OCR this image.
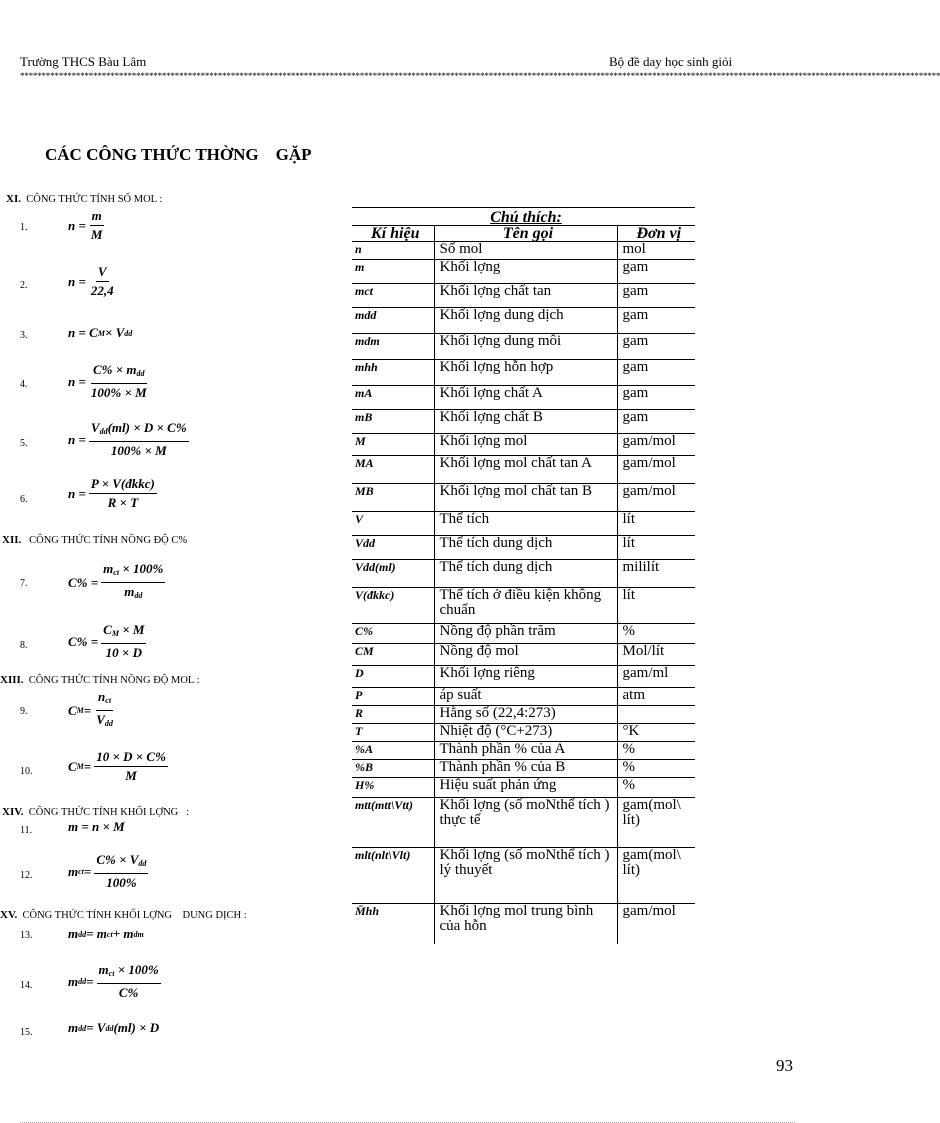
Trường THCS Bàu Lâm	Bộ đề day học sinh giỏi
**********************************************************************************************************************************************************************************************************************
CÁC CÔNG THỨC THỜNG    GẶP
XI. CÔNG THỨC TÍNH SỐ MOL :
XII. CÔNG THỨC TÍNH NỒNG ĐỘ C%
XIII. CÔNG THỨC TÍNH NỒNG ĐỘ MOL :
XIV. CÔNG THỨC TÍNH KHỐI LỢNG   :
XV. CÔNG THỨC TÍNH KHỐI LỢNG    DUNG DỊCH :
1.
2.
3.
4.
5.
6.
7.
8.
9.
10.
11.
12.
13.
14.
15.
$n = \frac{m}{M}$
$n = \frac{V}{22,4}$
n = C M × V dd
$n = \frac{C\% \times m_{dd}}{100\% \times M}$
$n = \frac{V_{dd}(ml) \times D \times C\%}{100\% \times M}$
$n = \frac{\text{P × V(đkkc)}}{R \times T}$
$C\% = \frac{m_{ct} \times 100\%}{m_{dd}}$
$C\% = \frac{C_M \times M}{10 \times D}$
C $M = \frac{n_{ct}}{V_{dd}}$
C $M = \frac{10 \times D \times C\%}{M}$
m = n × M
m ct = $\frac{C\% \times V_{dd}}{100\%}$
m dd = m ct + m dm
m dd = $\frac{m_{ct} \times 100\%}{C\%}$
m dd = V dd (ml) × D
Chú thích:		
Kí hiệu	Tên gọi	Đơn vị
n	Số mol	mol
m	Khối lợng	gam
mct	Khối lợng chất tan	gam
mdd	Khối lợng dung dịch	gam
mdm	Khối lợng dung môi	gam
mhh	Khối lợng hỗn hợp	gam
mA	Khối lợng chất A	gam
mB	Khối lợng chất B	gam
M	Khối lợng mol	gam/mol
MA	Khối lợng mol chất tan A	gam/mol
MB	Khối lợng mol chất tan B	gam/mol
V	Thể tích	lít
Vdd	Thể tích dung dịch	lít
Vdd(ml)	Thể tích dung dịch	mililít
V(đkkc)	Thể tích ở điều kiện không chuẩn	lít
C%	Nồng độ phần trăm	%
CM	Nồng độ mol	Mol/lít
D	Khối lợng riêng	gam/ml
P	áp suất	atm
R	Hằng số (22,4:273)	
T	Nhiệt độ (°C+273)	°K
%A	Thành phần % của A	%
%B	Thành phần % của B	%
H%	Hiệu suất phản ứng	%
mtt(mtt\Vtt)	Khối lợng (số moNthể tích ) thực tế	gam(mol\ lít)
mlt(nlt\Vlt)	Khối lợng (số moNthể tích ) lý thuyết	gam(mol\ lít)
M̄hh	Khối lợng mol trung bình của hỗn	gam/mol
93
